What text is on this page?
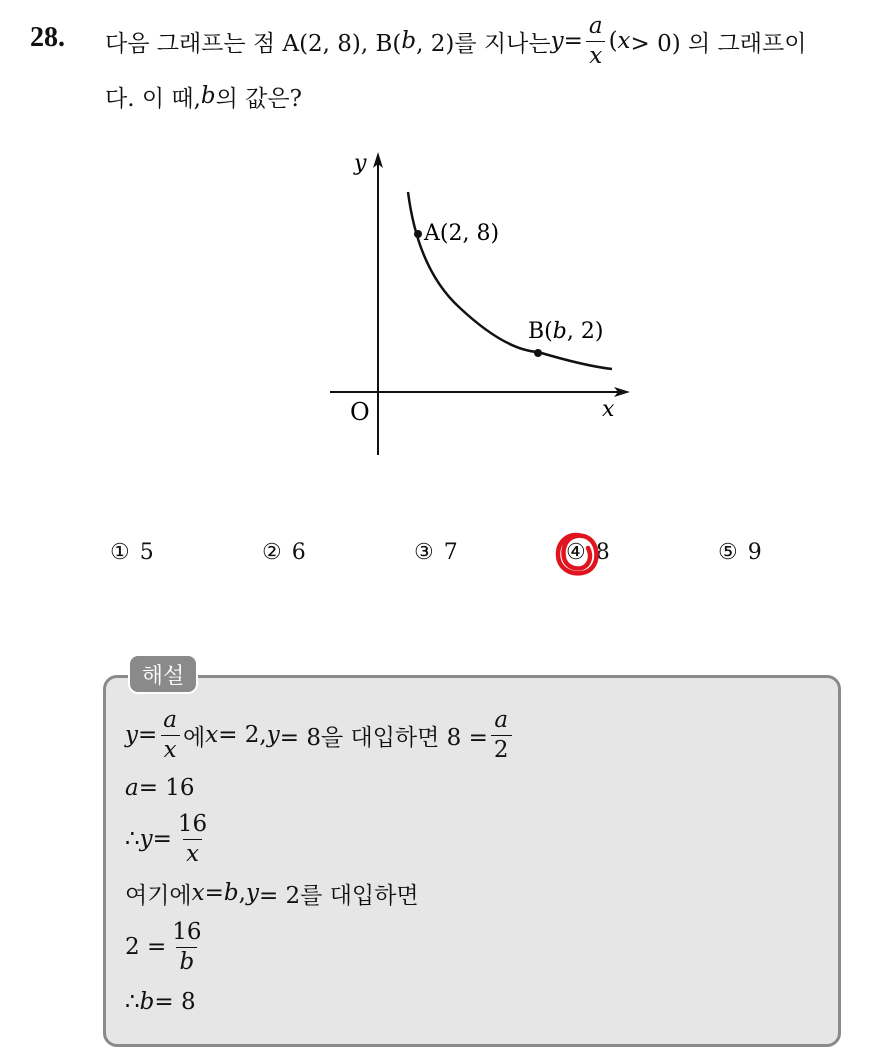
28. 다음 그래프는 점 A(2, 8), B( b , 2)를 지나는 $y = \frac{a}{x}$ ( x > 0) 의 그래프이
다. 이 때, b 의 값은?
y
x
O
A(2, 8)
B(b, 2)
① 5	② 6	③ 7	④ 8	⑤ 9
해설
$y = \frac{a}{x}$ 에 x = 2, y = 8을 대입하면 $8 = \frac{a}{2}$
a = 16
∴ $y = \frac{16}{x}$
여기에 x = b , y = 2를 대입하면
$2 = \frac{16}{b}$
∴ b = 8
